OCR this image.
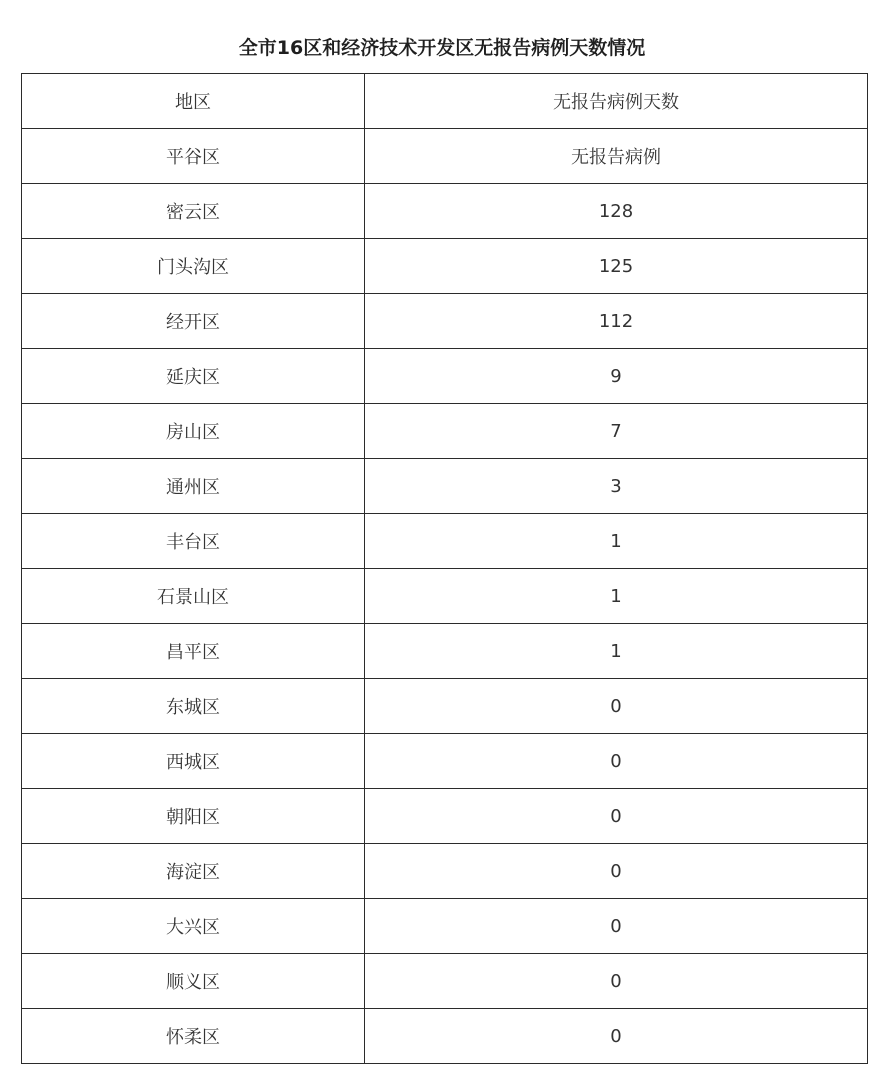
全市16区和经济技术开发区无报告病例天数情况
地区	无报告病例天数
平谷区	无报告病例
密云区	128
门头沟区	125
经开区	112
延庆区	9
房山区	7
通州区	3
丰台区	1
石景山区	1
昌平区	1
东城区	0
西城区	0
朝阳区	0
海淀区	0
大兴区	0
顺义区	0
怀柔区	0
